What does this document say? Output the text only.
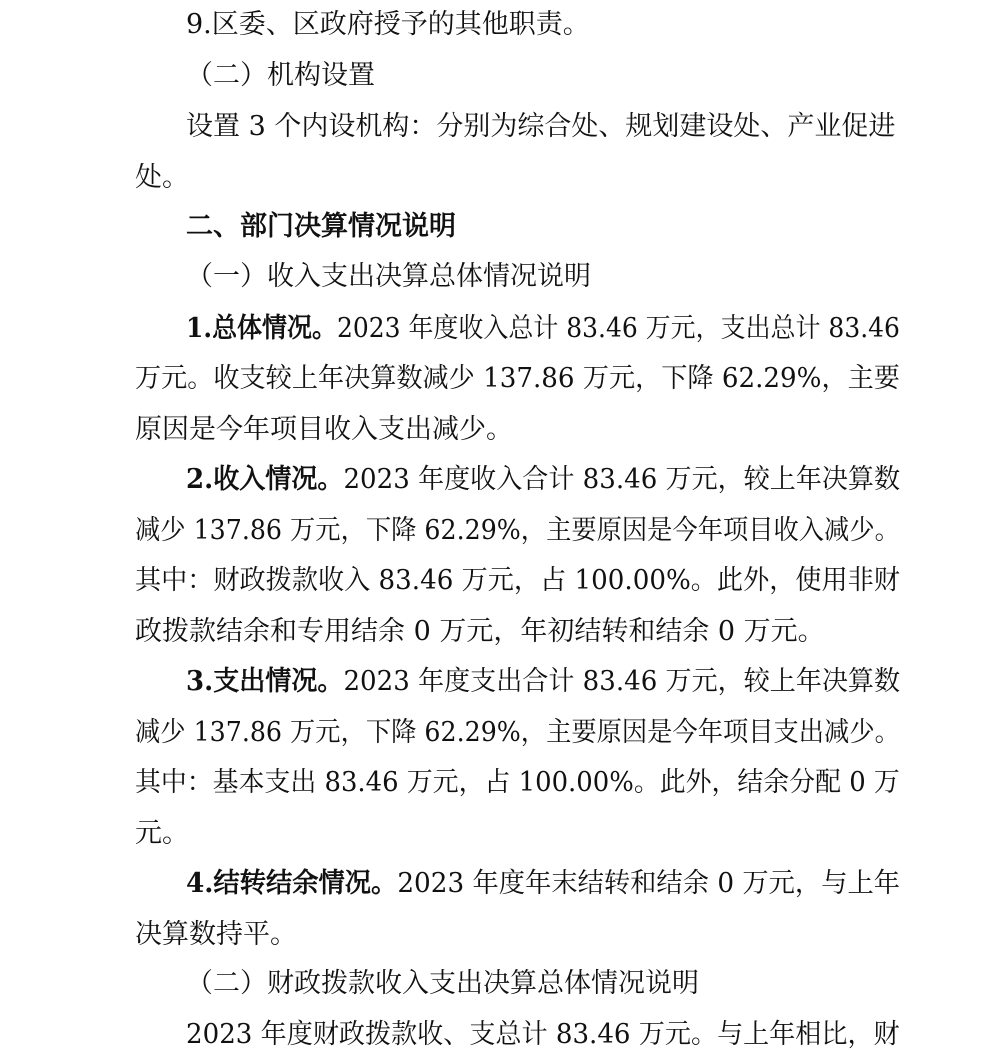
9.区委、区政府授予的其他职责。
（二）机构设置
设置 3 个内设机构：分别为综合处、规划建设处、产业促进
处。
二、部门决算情况说明
（一）收入支出决算总体情况说明
1.总体情况。2023 年度收入总计 83.46 万元，支出总计 83.46
万元。收支较上年决算数减少 137.86 万元，下降 62.29%，主要
原因是今年项目收入支出减少。
2.收入情况。2023 年度收入合计 83.46 万元，较上年决算数
减少 137.86 万元，下降 62.29%，主要原因是今年项目收入减少。
其中：财政拨款收入 83.46 万元，占 100.00%。此外，使用非财
政拨款结余和专用结余 0 万元，年初结转和结余 0 万元。
3.支出情况。2023 年度支出合计 83.46 万元，较上年决算数
减少 137.86 万元，下降 62.29%，主要原因是今年项目支出减少。
其中：基本支出 83.46 万元，占 100.00%。此外，结余分配 0 万
元。
4.结转结余情况。2023 年度年末结转和结余 0 万元，与上年
决算数持平。
（二）财政拨款收入支出决算总体情况说明
2023 年度财政拨款收、支总计 83.46 万元。与上年相比，财
